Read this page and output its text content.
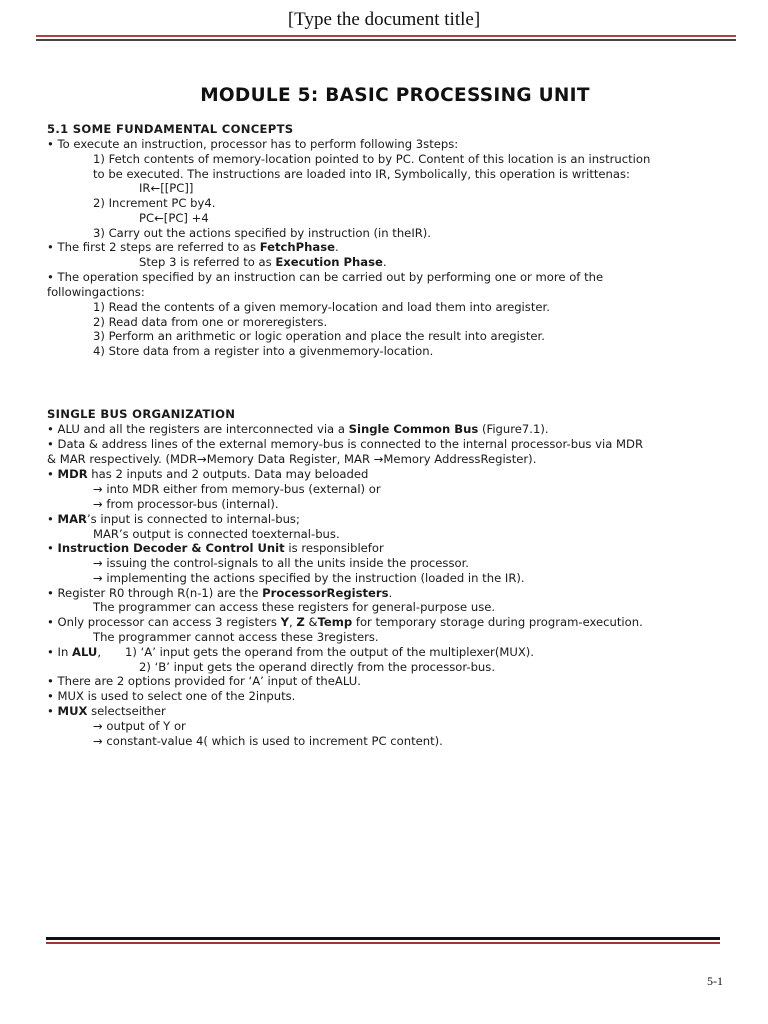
[Type the document title]
MODULE 5: BASIC PROCESSING UNIT
5.1 SOME FUNDAMENTAL CONCEPTS
• To execute an instruction, processor has to perform following 3steps:
1) Fetch contents of memory-location pointed to by PC. Content of this location is an instruction
to be executed. The instructions are loaded into IR, Symbolically, this operation is writtenas:
IR←[[PC]]
2) Increment PC by4.
PC←[PC] +4
3) Carry out the actions specified by instruction (in theIR).
• The first 2 steps are referred to as FetchPhase.
Step 3 is referred to as Execution Phase.
• The operation specified by an instruction can be carried out by performing one or more of the
followingactions:
1) Read the contents of a given memory-location and load them into aregister.
2) Read data from one or moreregisters.
3) Perform an arithmetic or logic operation and place the result into aregister.
4) Store data from a register into a givenmemory-location.
SINGLE BUS ORGANIZATION
• ALU and all the registers are interconnected via a Single Common Bus (Figure7.1).
• Data & address lines of the external memory-bus is connected to the internal processor-bus via MDR
& MAR respectively. (MDR→Memory Data Register, MAR →Memory AddressRegister).
• MDR has 2 inputs and 2 outputs. Data may beloaded
→ into MDR either from memory-bus (external) or
→ from processor-bus (internal).
• MAR’s input is connected to internal-bus;
MAR’s output is connected toexternal-bus.
• Instruction Decoder & Control Unit is responsiblefor
→ issuing the control-signals to all the units inside the processor.
→ implementing the actions specified by the instruction (loaded in the IR).
• Register R0 through R(n-1) are the ProcessorRegisters.
The programmer can access these registers for general-purpose use.
• Only processor can access 3 registers Y, Z &Temp for temporary storage during program-execution.
The programmer cannot access these 3registers.
• In ALU, 1) ‘A’ input gets the operand from the output of the multiplexer(MUX).
2) ‘B’ input gets the operand directly from the processor-bus.
• There are 2 options provided for ‘A’ input of theALU.
• MUX is used to select one of the 2inputs.
• MUX selectseither
→ output of Y or
→ constant-value 4( which is used to increment PC content).
5-1
